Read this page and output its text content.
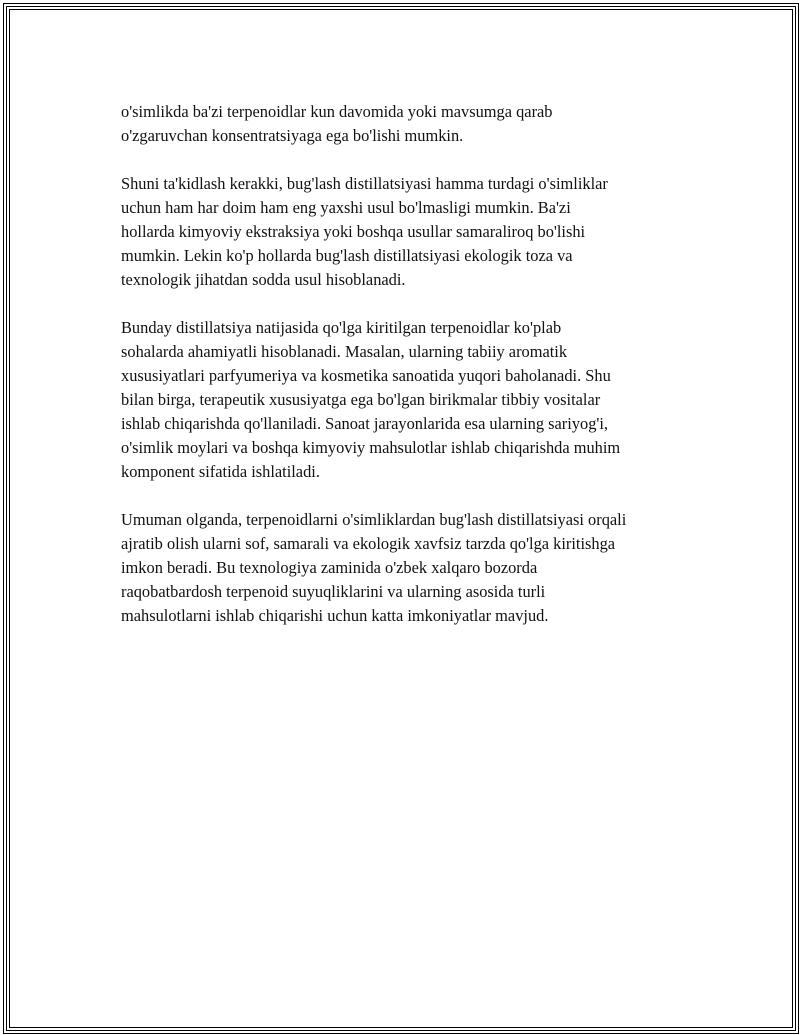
o'simlikda ba'zi terpenoidlar kun davomida yoki mavsumga qarab
o'zgaruvchan konsentratsiyaga ega bo'lishi mumkin.

Shuni ta'kidlash kerakki, bug'lash distillatsiyasi hamma turdagi o'simliklar
uchun ham har doim ham eng yaxshi usul bo'lmasligi mumkin. Ba'zi
hollarda kimyoviy ekstraksiya yoki boshqa usullar samaraliroq bo'lishi
mumkin. Lekin ko'p hollarda bug'lash distillatsiyasi ekologik toza va
texnologik jihatdan sodda usul hisoblanadi.

Bunday distillatsiya natijasida qo'lga kiritilgan terpenoidlar ko'plab
sohalarda ahamiyatli hisoblanadi. Masalan, ularning tabiiy aromatik
xususiyatlari parfyumeriya va kosmetika sanoatida yuqori baholanadi. Shu
bilan birga, terapeutik xususiyatga ega bo'lgan birikmalar tibbiy vositalar
ishlab chiqarishda qo'llaniladi. Sanoat jarayonlarida esa ularning sariyog'i,
o'simlik moylari va boshqa kimyoviy mahsulotlar ishlab chiqarishda muhim
komponent sifatida ishlatiladi.

Umuman olganda, terpenoidlarni o'simliklardan bug'lash distillatsiyasi orqali
ajratib olish ularni sof, samarali va ekologik xavfsiz tarzda qo'lga kiritishga
imkon beradi. Bu texnologiya zaminida o'zbek xalqaro bozorda
raqobatbardosh terpenoid suyuqliklarini va ularning asosida turli
mahsulotlarni ishlab chiqarishi uchun katta imkoniyatlar mavjud.
